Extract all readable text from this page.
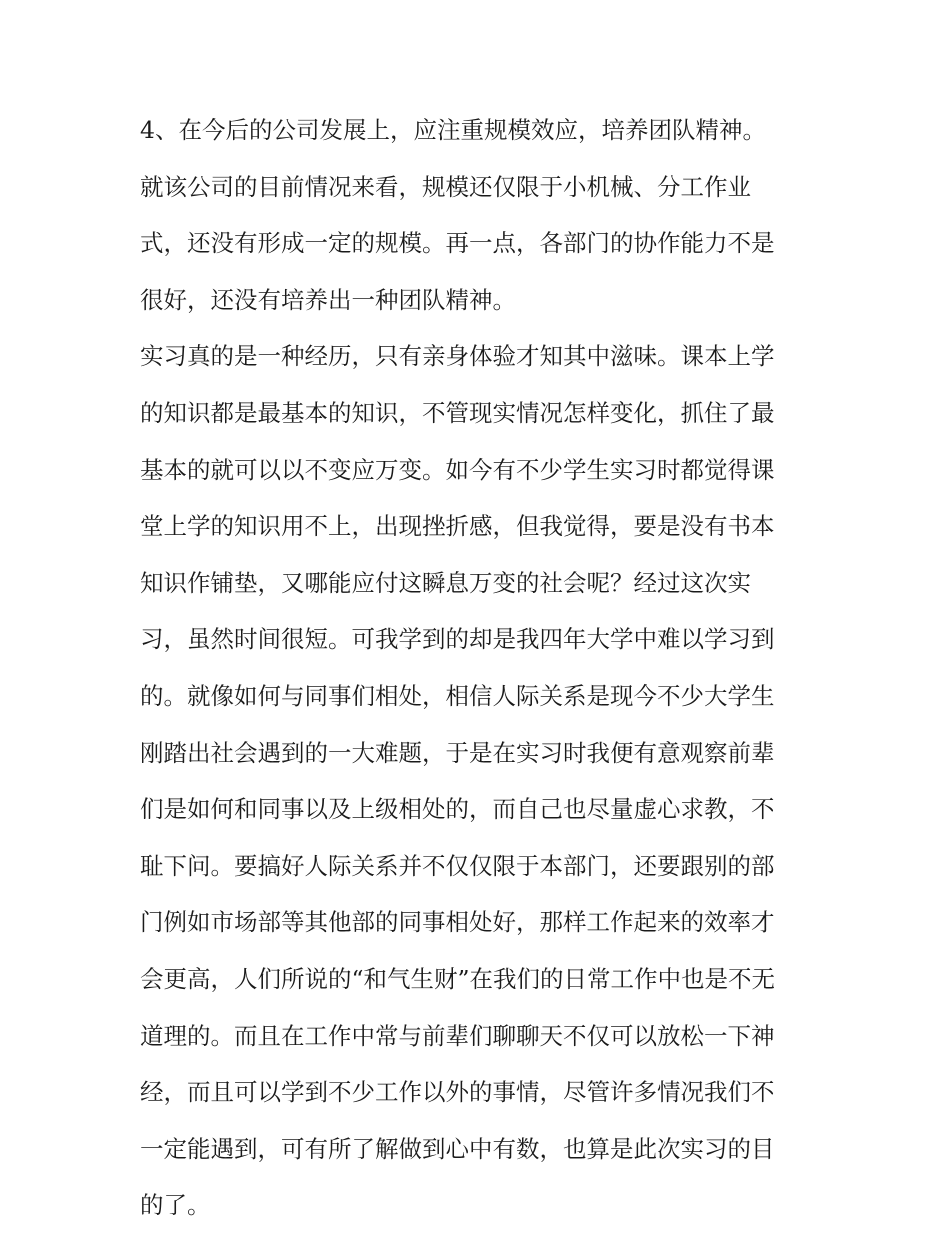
4、在今后的公司发展上，应注重规模效应，培养团队精神。
就该公司的目前情况来看，规模还仅限于小机械、分工作业
式，还没有形成一定的规模。再一点，各部门的协作能力不是
很好，还没有培养出一种团队精神。
实习真的是一种经历，只有亲身体验才知其中滋味。课本上学
的知识都是最基本的知识，不管现实情况怎样变化，抓住了最
基本的就可以以不变应万变。如今有不少学生实习时都觉得课
堂上学的知识用不上，出现挫折感，但我觉得，要是没有书本
知识作铺垫，又哪能应付这瞬息万变的社会呢？经过这次实
习，虽然时间很短。可我学到的却是我四年大学中难以学习到
的。就像如何与同事们相处，相信人际关系是现今不少大学生
刚踏出社会遇到的一大难题，于是在实习时我便有意观察前辈
们是如何和同事以及上级相处的，而自己也尽量虚心求教，不
耻下问。要搞好人际关系并不仅仅限于本部门，还要跟别的部
门例如市场部等其他部的同事相处好，那样工作起来的效率才
会更高，人们所说的“和气生财”在我们的日常工作中也是不无
道理的。而且在工作中常与前辈们聊聊天不仅可以放松一下神
经，而且可以学到不少工作以外的事情，尽管许多情况我们不
一定能遇到，可有所了解做到心中有数，也算是此次实习的目
的了。
